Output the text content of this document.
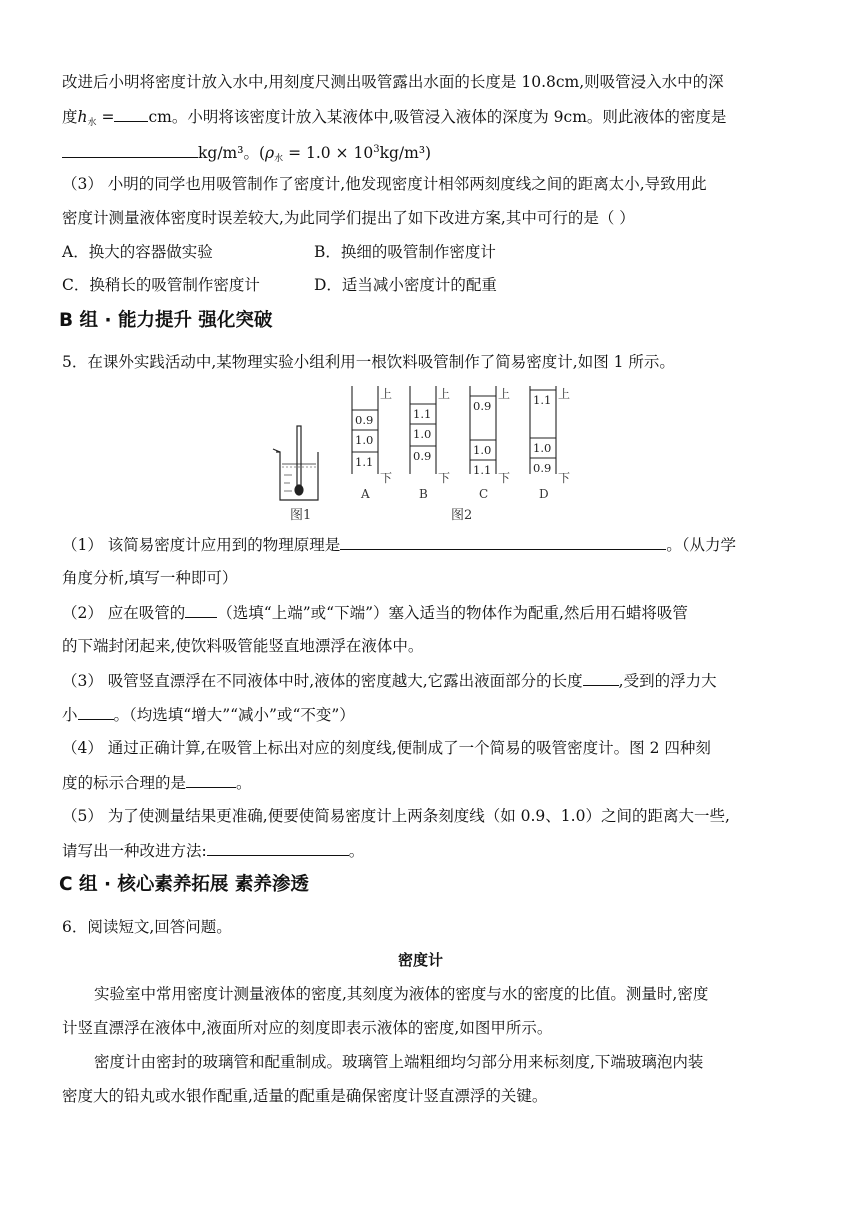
改进后小明将密度计放入水中,用刻度尺测出吸管露出水面的长度是 10.8cm,则吸管浸入水中的深
度$h_水$ = cm。小明将该密度计放入某液体中,吸管浸入液体的深度为 9cm。则此液体的密度是
kg/m³。$(\rho_水 = 1.0 \times 10^3kg/m^3)$
（3） 小明的同学也用吸管制作了密度计,他发现密度计相邻两刻度线之间的距离太小,导致用此
密度计测量液体密度时误差较大,为此同学们提出了如下改进方案,其中可行的是（ ）
A．换大的容器做实验	B．换细的吸管制作密度计
C．换稍长的吸管制作密度计	D．适当减小密度计的配重
B 组 · 能力提升 强化突破
5．在课外实践活动中,某物理实验小组利用一根饮料吸管制作了简易密度计,如图 1 所示。
（1） 该简易密度计应用到的物理原理是	。（从力学
角度分析,填写一种即可）
（2） 应在吸管的 （选填“上端”或“下端”）塞入适当的物体作为配重,然后用石蜡将吸管
的下端封闭起来,使饮料吸管能竖直地漂浮在液体中。
（3） 吸管竖直漂浮在不同液体中时,液体的密度越大,它露出液面部分的长度 ,受到的浮力大
小 。（均选填“增大”“减小”或“不变”）
（4） 通过正确计算,在吸管上标出对应的刻度线,便制成了一个简易的吸管密度计。图 2 四种刻
度的标示合理的是	。
（5） 为了使测量结果更准确,便要使简易密度计上两条刻度线（如 0.9、1.0）之间的距离大一些,
请写出一种改进方法:	。
C 组 · 核心素养拓展 素养渗透
6．阅读短文,回答问题。
密度计
实验室中常用密度计测量液体的密度,其刻度为液体的密度与水的密度的比值。测量时,密度
计竖直漂浮在液体中,液面所对应的刻度即表示液体的密度,如图甲所示。
密度计由密封的玻璃管和配重制成。玻璃管上端粗细均匀部分用来标刻度,下端玻璃泡内装
密度大的铅丸或水银作配重,适量的配重是确保密度计竖直漂浮的关键。
图1
上
下
0.9
1.0
1.1
A
上
下
1.1
1.0
0.9
B
上
下
0.9
1.0
1.1
C
上
下
1.1
1.0
0.9
D
图2
